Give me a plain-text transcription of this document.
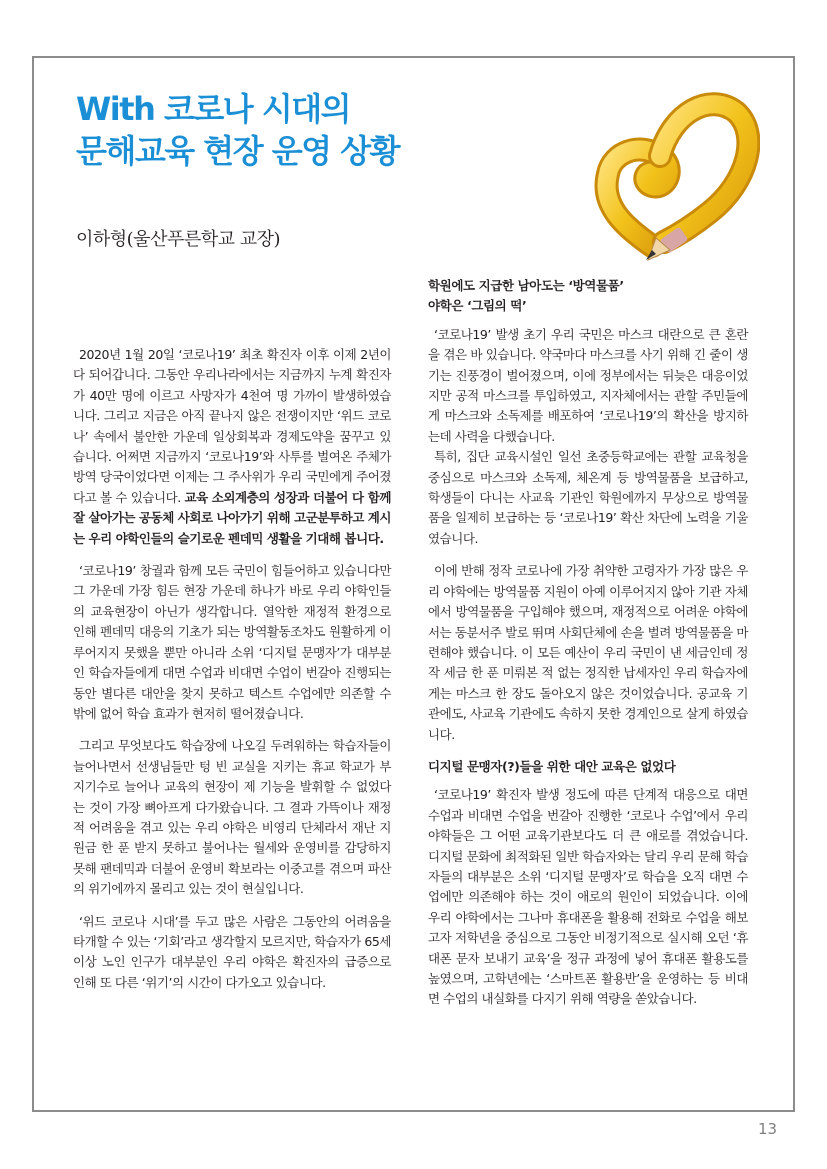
With 코로나 시대의
문해교육 현장 운영 상황

이하형(울산푸른학교 교장)

2020년 1월 20일 ‘코로나19’ 최초 확진자 이후 이제 2년이 다 되어갑니다. 그동안 우리나라에서는 지금까지 누계 확진자가 40만 명에 이르고 사망자가 4천여 명 가까이 발생하였습니다. 그리고 지금은 아직 끝나지 않은 전쟁이지만 ‘위드 코로나’ 속에서 불안한 가운데 일상회복과 경제도약을 꿈꾸고 있습니다. 어쩌면 지금까지 ‘코로나19’와 사투를 벌여온 주체가 방역 당국이었다면 이제는 그 주사위가 우리 국민에게 주어졌다고 볼 수 있습니다. 교육 소외계층의 성장과 더불어 다 함께 잘 살아가는 공동체 사회로 나아가기 위해 고군분투하고 계시는 우리 야학인들의 슬기로운 펜데믹 생활을 기대해 봅니다.

‘코로나19’ 창궐과 함께 모든 국민이 힘들어하고 있습니다만 그 가운데 가장 힘든 현장 가운데 하나가 바로 우리 야학인들의 교육현장이 아닌가 생각합니다. 열악한 재정적 환경으로 인해 펜데믹 대응의 기초가 되는 방역활동조차도 원활하게 이루어지지 못했을 뿐만 아니라 소위 ‘디지털 문맹자’가 대부분인 학습자들에게 대면 수업과 비대면 수업이 번갈아 진행되는 동안 별다른 대안을 찾지 못하고 텍스트 수업에만 의존할 수밖에 없어 학습 효과가 현저히 떨어졌습니다.

그리고 무엇보다도 학습장에 나오길 두려워하는 학습자들이 늘어나면서 선생님들만 텅 빈 교실을 지키는 휴교 학교가 부지기수로 늘어나 교육의 현장이 제 기능을 발휘할 수 없었다는 것이 가장 뼈아프게 다가왔습니다. 그 결과 가뜩이나 재정적 어려움을 겪고 있는 우리 야학은 비영리 단체라서 재난 지원금 한 푼 받지 못하고 불어나는 월세와 운영비를 감당하지 못해 팬데믹과 더불어 운영비 확보라는 이중고를 겪으며 파산의 위기에까지 몰리고 있는 것이 현실입니다.

‘위드 코로나 시대’를 두고 많은 사람은 그동안의 어려움을 타개할 수 있는 ‘기회’라고 생각할지 모르지만, 학습자가 65세 이상 노인 인구가 대부분인 우리 야학은 확진자의 급증으로 인해 또 다른 ‘위기’의 시간이 다가오고 있습니다.

학원에도 지급한 남아도는 ‘방역물품’
야학은 ‘그림의 떡’

‘코로나19’ 발생 초기 우리 국민은 마스크 대란으로 큰 혼란을 겪은 바 있습니다. 약국마다 마스크를 사기 위해 긴 줄이 생기는 진풍경이 벌어졌으며, 이에 정부에서는 뒤늦은 대응이었지만 공적 마스크를 투입하였고, 지자체에서는 관할 주민들에게 마스크와 소독제를 배포하여 ‘코로나19’의 확산을 방지하는데 사력을 다했습니다.

특히, 집단 교육시설인 일선 초중등학교에는 관할 교육청을 중심으로 마스크와 소독제, 체온계 등 방역물품을 보급하고, 학생들이 다니는 사교육 기관인 학원에까지 무상으로 방역물품을 일제히 보급하는 등 ‘코로나19’ 확산 차단에 노력을 기울였습니다.

이에 반해 정작 코로나에 가장 취약한 고령자가 가장 많은 우리 야학에는 방역물품 지원이 아예 이루어지지 않아 기관 자체에서 방역물품을 구입해야 했으며, 재정적으로 어려운 야학에서는 동분서주 발로 뛰며 사회단체에 손을 벌려 방역물품을 마련해야 했습니다. 이 모든 예산이 우리 국민이 낸 세금인데 정작 세금 한 푼 미뤄본 적 없는 정직한 납세자인 우리 학습자에게는 마스크 한 장도 돌아오지 않은 것이었습니다. 공교육 기관에도, 사교육 기관에도 속하지 못한 경계인으로 살게 하였습니다.

디지털 문맹자(?)들을 위한 대안 교육은 없었다

‘코로나19’ 확진자 발생 정도에 따른 단계적 대응으로 대면수업과 비대면 수업을 번갈아 진행한 ‘코로나 수업’에서 우리 야학들은 그 어떤 교육기관보다도 더 큰 애로를 겪었습니다. 디지털 문화에 최적화된 일반 학습자와는 달리 우리 문해 학습자들의 대부분은 소위 ‘디지털 문맹자’로 학습을 오직 대면 수업에만 의존해야 하는 것이 애로의 원인이 되었습니다. 이에 우리 야학에서는 그나마 휴대폰을 활용해 전화로 수업을 해보고자 저학년을 중심으로 그동안 비정기적으로 실시해 오던 ‘휴대폰 문자 보내기 교육’을 정규 과정에 넣어 휴대폰 활용도를 높였으며, 고학년에는 ‘스마트폰 활용반’을 운영하는 등 비대면 수업의 내실화를 다지기 위해 역량을 쏟았습니다.

13
